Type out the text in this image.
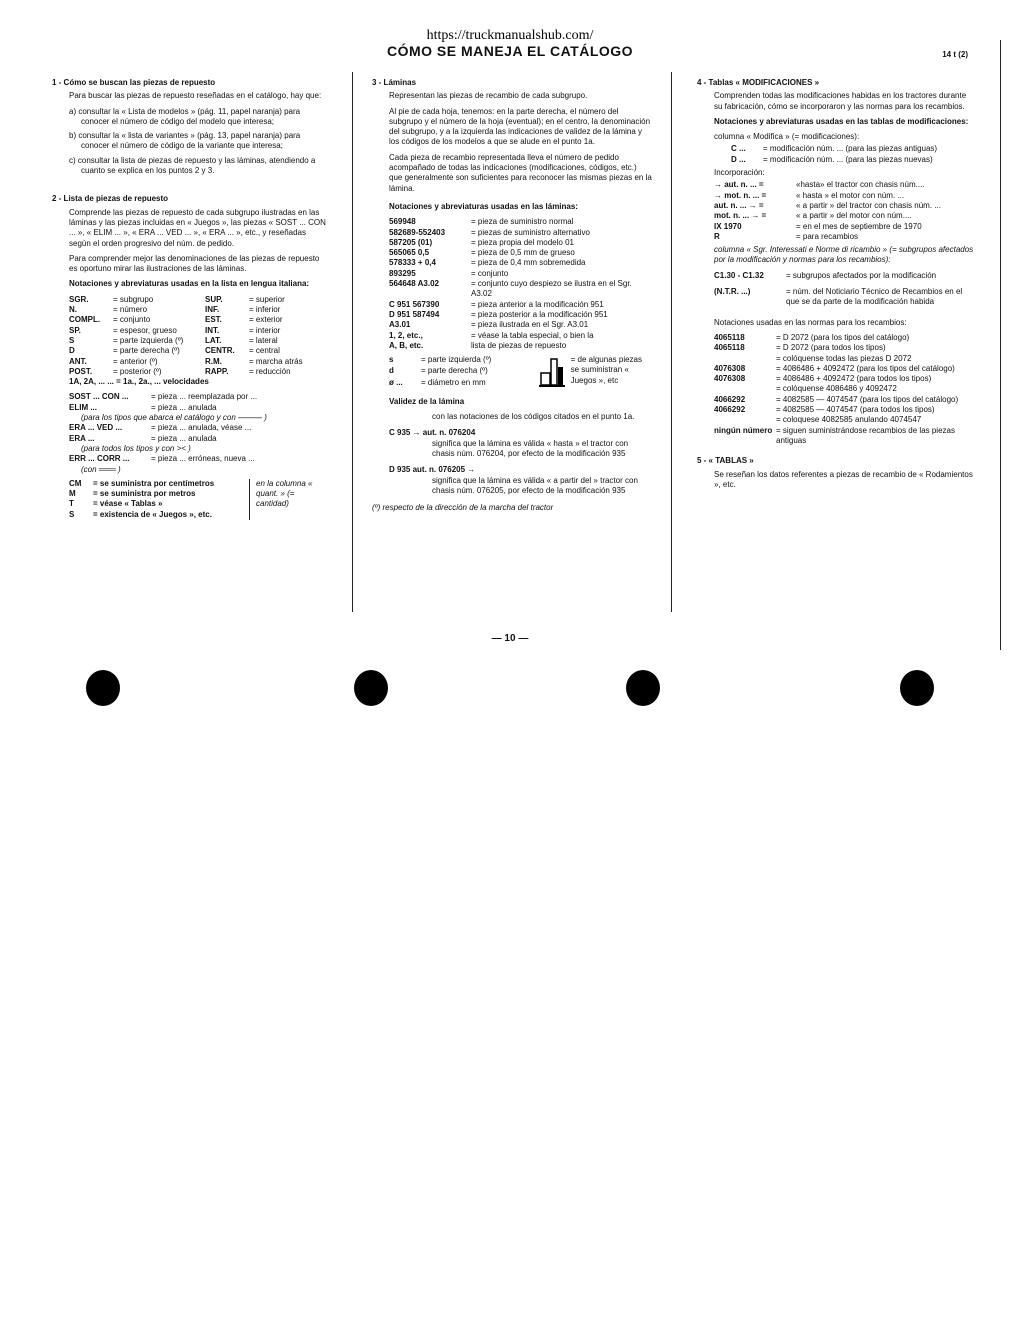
https://truckmanualshub.com/
CÓMO SE MANEJA EL CATÁLOGO	14 t (2)

1 - Cómo se buscan las piezas de repuesto

Para buscar las piezas de repuesto reseñadas en el catálogo, hay que:

a) consultar la « Lista de modelos » (pág. 11, papel naranja) para conocer el número de código del modelo que interesa;

b) consultar la « lista de variantes » (pág. 13, papel naranja) para conocer el número de código de la variante que interesa;

c) consultar la lista de piezas de repuesto y las láminas, atendiendo a cuanto se explica en los puntos 2 y 3.

2 - Lista de piezas de repuesto

Comprende las piezas de repuesto de cada subgrupo ilustradas en las láminas y las piezas incluidas en « Juegos », las piezas « SOST ... CON ... », « ELIM ... », « ERA ... VED ... », « ERA ... », etc., y reseñadas según el orden progresivo del núm. de pedido.

Para comprender mejor las denominaciones de las piezas de repuesto es oportuno mirar las ilustraciones de las láminas.

Notaciones y abreviaturas usadas en la lista en lengua italiana:

SGR.	= subgrupo	SUP.	= superior
N.	= número	INF.	= inferior
COMPL.	= conjunto	EST.	= exterior
SP.	= espesor, grueso	INT.	= interior
S	= parte izquierda (º)	LAT.	= lateral
D	= parte derecha (º)	CENTR.	= central
ANT.	= anterior (º)	R.M.	= marcha atrás
POST.	= posterior (º)	RAPP.	= reducción
1A, 2A, ... ... = 1a., 2a., ... velocidades
SOST ... CON ...	= pieza ... reemplazada por ...
ELIM ...	= pieza ... anulada
(para los tipos que abarca el catálogo y con ——— )	
ERA ... VED ...	= pieza ... anulada, véase ...
ERA ...	= pieza ... anulada
(para todos los tipos y con >< )	
ERR ... CORR ...	= pieza ... erróneas, nueva ...
(con ═══ )	
CM	= se suministra por centímetros
M	= se suministra por metros
T	= véase « Tablas »
S	= existencia de « Juegos », etc.
en la columna « quant. » (= cantidad)

3 - Láminas

Representan las piezas de recambio de cada subgrupo.

Al pie de cada hoja, tenemos: en la parte derecha, el número del subgrupo y el número de la hoja (eventual); en el centro, la denominación del subgrupo, y a la izquierda las indicaciones de validez de la lámina y los códigos de los modelos a que se alude en el punto 1a.

Cada pieza de recambio representada lleva el número de pedido acompañado de todas las indicaciones (modificaciones, códigos, etc.) que generalmente son suficientes para reconocer las mismas piezas en la lámina.

Notaciones y abreviaturas usadas en las láminas:

569948	= pieza de suministro normal
582689-552403	= piezas de suministro alternativo
587205 (01)	= pieza propia del modelo 01
565065 0,5	= pieza de 0,5 mm de grueso
578333 + 0,4	= pieza de 0,4 mm sobremedida
893295	= conjunto
564648 A3.02	= conjunto cuyo despiezo se ilustra en el Sgr. A3.02
C 951 567390	= pieza anterior a la modificación 951
D 951 587494	= pieza posterior a la modificación 951
A3.01	= pieza ilustrada en el Sgr. A3.01
1, 2, etc.,	= véase la tabla especial, o bien la
A, B, etc.	lista de piezas de repuesto
s	= parte izquierda (º)
d	= parte derecha (º)
ø ...	= diámetro en mm
= de algunas piezas se suministran « Juegos », etc

Validez de la lámina

con las notaciones de los códigos citados en el punto 1a.

C 935 → aut. n. 076204

significa que la lámina es válida « hasta » el tractor con chasis núm. 076204, por efecto de la modificación 935

D 935 aut. n. 076205 →

significa que la lámina es válida « a partir del » tractor con chasis núm. 076205, por efecto de la modificación 935

(º) respecto de la dirección de la marcha del tractor

4 - Tablas « MODIFICACIONES »

Comprenden todas las modificaciones habidas en los tractores durante su fabricación, cómo se incorporaron y las normas para los recambios.

Notaciones y abreviaturas usadas en las tablas de modificaciones:

columna « Modifica » (= modificaciones):

C ...	= modificación núm. ... (para las piezas antiguas)
D ...	= modificación núm. ... (para las piezas nuevas)

Incorporación:

→ aut. n. ... =	«hasta» el tractor con chasis núm....
→ mot. n. ... =	« hasta » el motor con núm. ...
aut. n. ... → =	« a partir » del tractor con chasis núm. ...
mot. n. ... → =	« a partir » del motor con núm....
IX 1970	= en el mes de septiembre de 1970
R	= para recambios

columna « Sgr. Interessati e Norme di ricambio » (= subgrupos afectados por la modificación y normas para los recambios):

C1.30 - C1.32	= subgrupos afectados por la modificación

(N.T.R. ...)	= núm. del Noticiario Técnico de Recambios en el que se da parte de la modificación habida

Notaciones usadas en las normas para los recambios:

4065118	= D 2072 (para los tipos del catálogo)
4065118	= D 2072 (para todos los tipos)
	= colóquense todas las piezas D 2072
4076308	= 4086486 + 4092472 (para los tipos del catálogo)
4076308	= 4086486 + 4092472 (para todos los tipos)
	= colóquense 4086486 y 4092472
4066292	= 4082585 — 4074547 (para los tipos del catálogo)
4066292	= 4082585 — 4074547 (para todos los tipos)
	= coloquese 4082585 anulando 4074547
ningún número	= siguen suministrándose recambios de las piezas antiguas

5 - « TABLAS »

Se reseñan los datos referentes a piezas de recambio de « Rodamientos », etc.

— 10 —
